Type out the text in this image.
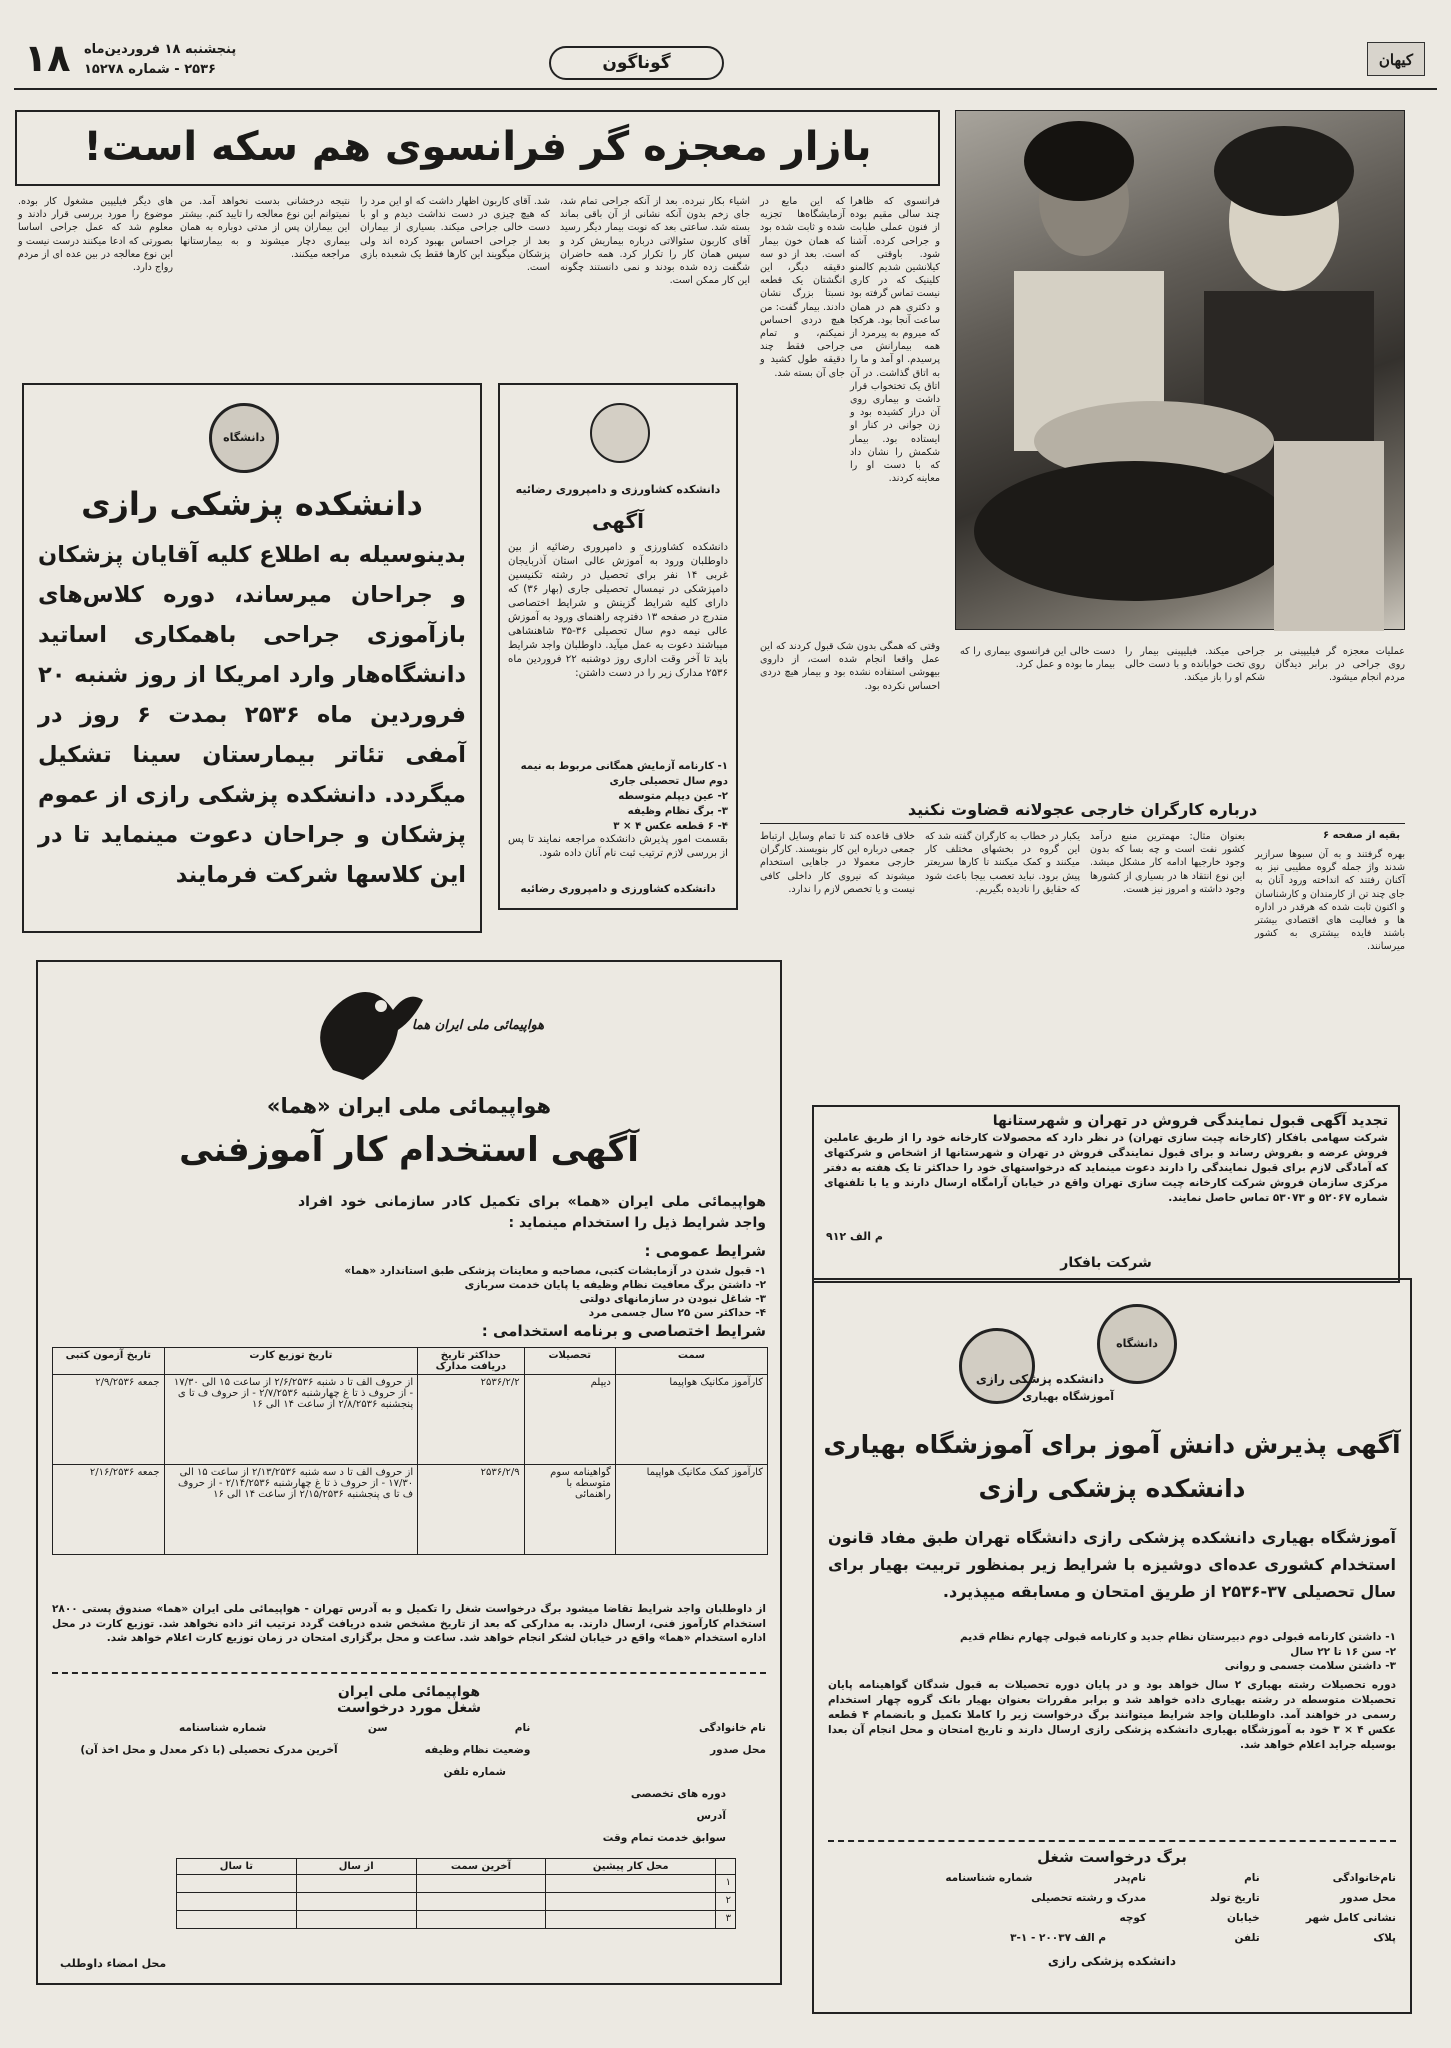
کیهان
گوناگون
۱۸ پنجشنبه ۱۸ فروردین‌ماه
۲۵۳۶ - شماره ۱۵۲۷۸
بازار معجزه گر فرانسوی هم سکه است!
عملیات معجزه گر فیلیپینی بر روی جراحی در برابر دیدگان مردم انجام میشود.
جراحی میکند. فیلیپینی بیمار را روی تخت خوابانده و با دست خالی شکم او را باز میکند.
دست خالی این فرانسوی بیماری را که بیمار ما بوده و عمل کرد.
فرانسوی که ظاهرا چند سالی مقیم بوده از فنون عملی طبابت و جراحی کرده. آشنا شود. باوقتی که کیلانشین شدیم کالمنو کلینیک که در کاری نیست تماس گرفته بود و دکتری هم در همان ساعت آنجا بود. هرکجا که میروم به پیرمرد از همه بیمارانش می پرسیدم. او آمد و ما را به اتاق گذاشت. در آن اتاق یک تختخواب قرار داشت و بیماری روی آن دراز کشیده بود و زن جوانی در کنار او ایستاده بود. بیمار شکمش را نشان داد که با دست او را معاینه کردند.
که این مایع در آزمایشگاه‌ها تجزیه شده و ثابت شده بود که همان خون بیمار است. بعد از دو سه دقیقه دیگر، این انگشتان یک قطعه نسبتا بزرگ نشان دادند. بیمار گفت: من هیچ دردی احساس نمیکنم، و تمام جراحی فقط چند دقیقه طول کشید و جای آن بسته شد.
اشیاء بکار نبرده. بعد از آنکه جراحی تمام شد، جای زخم بدون آنکه نشانی از آن باقی بماند بسته شد. ساعتی بعد که نوبت بیمار دیگر رسید آقای کاربون سئوالاتی درباره بیماریش کرد و سپس همان کار را تکرار کرد. همه حاضران شگفت زده شده بودند و نمی دانستند چگونه این کار ممکن است.
شد. آقای کاربون اظهار داشت که او این مرد را که هیچ چیزی در دست نداشت دیدم و او با دست خالی جراحی میکند. بسیاری از بیماران بعد از جراحی احساس بهبود کرده اند ولی پزشکان میگویند این کارها فقط یک شعبده بازی است.
نتیجه درخشانی بدست نخواهد آمد. من نمیتوانم این نوع معالجه را تایید کنم. بیشتر این بیماران پس از مدتی دوباره به همان بیماری دچار میشوند و به بیمارستانها مراجعه میکنند.
های دیگر فیلیپین مشغول کار بوده. موضوع را مورد بررسی قرار دادند و معلوم شد که عمل جراحی اساسا بصورتی که ادعا میکنند درست نیست و این نوع معالجه در بین عده ای از مردم رواج دارد.
وقتی که همگی بدون شک قبول کردند که این عمل واقعا انجام شده است، از داروی بیهوشی استفاده نشده بود و بیمار هیچ دردی احساس نکرده بود.
دانشگاه
دانشکده پزشکی رازی
بدینوسیله به اطلاع کلیه آقایان پزشکان و جراحان میرساند، دوره کلاس‌های بازآموزی جراحی باهمکاری اساتید دانشگاه‌هار وارد امریکا از روز شنبه ۲۰ فروردین ماه ۲۵۳۶ بمدت ۶ روز در آمفی تئاتر بیمارستان سینا تشکیل میگردد. دانشکده پزشکی رازی از عموم پزشکان و جراحان دعوت مینماید تا در این کلاسها شرکت فرمایند
دانشکده کشاورزی و دامپروری رضائیه
آگهی
دانشکده کشاورزی و دامپروری رضائیه از بین داوطلبان ورود به آموزش عالی استان آذربایجان غربی ۱۴ نفر برای تحصیل در رشته تکنیسین دامپزشکی در نیمسال تحصیلی جاری (بهار ۳۶) که دارای کلیه شرایط گزینش و شرایط اختصاصی مندرج در صفحه ۱۳ دفترچه راهنمای ورود به آموزش عالی نیمه دوم سال تحصیلی ۳۶-۳۵ شاهنشاهی میباشند دعوت به عمل میآید. داوطلبان واجد شرایط باید تا آخر وقت اداری روز دوشنبه ۲۲ فروردین ماه ۲۵۳۶ مدارک زیر را در دست داشتن:
۱- کارنامه آزمایش همگانی مربوط به نیمه دوم سال تحصیلی جاری
۲- عین دیپلم متوسطه
۳- برگ نظام وظیفه
۴- ۶ قطعه عکس ۴ × ۳
بقسمت امور پذیرش دانشکده مراجعه نمایند تا پس از بررسی لازم ترتیب ثبت نام آنان داده شود.
دانشکده کشاورزی و دامپروری رضائیه
درباره کارگران خارجی عجولانه قضاوت نکنید
بقیه از صفحه ۶
بهره گرفتند و به آن سبوها سرازیر شدند واژ جمله گروه مطیبی نیز به آکنان رفتند که انداخته ورود آنان به جای چند تن از کارمندان و کارشناسان و اکنون ثابت شده که هرقدر در اداره ها و فعالیت های اقتصادی بیشتر باشند فایده بیشتری به کشور میرسانند.
بعنوان مثال: مهمترین منبع درآمد کشور نفت است و چه بسا که بدون وجود خارجیها ادامه کار مشکل میشد. این نوع انتقاد ها در بسیاری از کشورها وجود داشته و امروز نیز هست.
یکبار در خطاب به کارگران گفته شد که این گروه در بخشهای مختلف کار میکنند و کمک میکنند تا کارها سریعتر پیش برود. نباید تعصب بیجا باعث شود که حقایق را نادیده بگیریم.
خلاف قاعده کند تا تمام وسایل ارتباط جمعی درباره این کار بنویسند. کارگران خارجی معمولا در جاهایی استخدام میشوند که نیروی کار داخلی کافی نیست و یا تخصص لازم را ندارد.
تجدید آگهی قبول نمایندگی فروش در تهران و شهرستانها
شرکت سهامی بافکار (کارخانه چیت سازی تهران) در نظر دارد که محصولات کارخانه خود را از طریق عاملین فروش عرضه و بفروش رساند و برای قبول نمایندگی فروش در تهران و شهرستانها از اشخاص و شرکتهای که آمادگی لازم برای قبول نمایندگی را دارند دعوت مینماید که درخواستهای خود را حداکثر تا یک هفته به دفتر مرکزی سازمان فروش شرکت کارخانه چیت سازی تهران واقع در خیابان آرامگاه ارسال دارند و یا با تلفنهای شماره ۵۲۰۶۷ و ۵۳۰۷۳ تماس حاصل نمایند.
م الف ۹۱۲
شرکت بافکار
هواپیمائی ملی ایران هما
هواپیمائی ملی ایران «هما»
آگهی استخدام کار آموزفنی
هواپیمائی ملی ایران «هما» برای تکمیل کادر سازمانی خود افراد واجد شرایط ذیل را استخدام مینماید :
شرایط عمومی :
۱- قبول شدن در آزمایشات کتبی، مصاحبه و معاینات پزشکی طبق استاندارد «هما»
۲- داشتن برگ معافیت نظام وظیفه یا پایان خدمت سربازی
۳- شاغل نبودن در سازمانهای دولتی
۴- حداکثر سن ۲۵ سال جسمی مرد
شرایط اختصاصی و برنامه استخدامی :
سمت	تحصیلات	حداکثر تاریخ دریافت مدارک	تاریخ توزیع کارت	تاریخ آزمون کتبی
کارآموز مکانیک هواپیما	دیپلم	۲۵۳۶/۲/۲	از حروف الف تا د شنبه ۲/۶/۲۵۳۶ از ساعت ۱۵ الی ۱۷/۳۰ - از حروف ذ تا غ چهارشنبه ۲/۷/۲۵۳۶ - از حروف ف تا ی پنجشنبه ۲/۸/۲۵۳۶ از ساعت ۱۴ الی ۱۶	جمعه ۲/۹/۲۵۳۶
کارآموز کمک مکانیک هواپیما	گواهینامه سوم متوسطه با راهنمائی	۲۵۳۶/۲/۹	از حروف الف تا د سه شنبه ۲/۱۳/۲۵۳۶ از ساعت ۱۵ الی ۱۷/۳۰ - از حروف ذ تا غ چهارشنبه ۲/۱۴/۲۵۳۶ - از حروف ف تا ی پنجشنبه ۲/۱۵/۲۵۳۶ از ساعت ۱۴ الی ۱۶	جمعه ۲/۱۶/۲۵۳۶
از داوطلبان واجد شرایط تقاضا میشود برگ درخواست شغل را تکمیل و به آدرس تهران - هواپیمائی ملی ایران «هما» صندوق پستی ۲۸۰۰ استخدام کارآموز فنی، ارسال دارند. به مدارکی که بعد از تاریخ مشخص شده دریافت گردد ترتیب اثر داده نخواهد شد. توزیع کارت در محل اداره استخدام «هما» واقع در خیابان لشکر انجام خواهد شد. ساعت و محل برگزاری امتحان در زمان توزیع کارت اعلام خواهد شد.
هواپیمائی ملی ایران
شغل مورد درخواست
نام خانوادگی
نام
سن
شماره شناسنامه
محل صدور
وضعیت نظام وظیفه
آخرین مدرک تحصیلی (با ذکر معدل و محل اخذ آن)
شماره تلفن
دوره های تخصصی
آدرس
سوابق خدمت تمام وقت
	محل کار پیشین	آخرین سمت	از سال	تا سال
۱				
۲				
۳				
محل امضاء داوطلب
دانشگاه
دانشکده پزشکی رازی
آموزشگاه بهیاری
آگهی پذیرش دانش آموز برای آموزشگاه بهیاری
دانشکده پزشکی رازی
آموزشگاه بهیاری دانشکده پزشکی رازی دانشگاه تهران طبق مفاد قانون استخدام کشوری عده‌ای دوشیزه با شرایط زیر بمنظور تربیت بهیار برای سال تحصیلی ۳۷-۲۵۳۶ از طریق امتحان و مسابقه میپذیرد.
۱- داشتن کارنامه قبولی دوم دبیرستان نظام جدید و کارنامه قبولی چهارم نظام قدیم
۲- سن ۱۶ تا ۲۲ سال
۳- داشتن سلامت جسمی و روانی
دوره تحصیلات رشته بهیاری ۲ سال خواهد بود و در پایان دوره تحصیلات به قبول شدگان گواهینامه پایان تحصیلات متوسطه در رشته بهیاری داده خواهد شد و برابر مقررات بعنوان بهیار بانک گروه چهار استخدام رسمی در خواهند آمد. داوطلبان واجد شرایط میتوانند برگ درخواست زیر را کاملا تکمیل و بانضمام ۴ قطعه عکس ۴ × ۳ خود به آموزشگاه بهیاری دانشکده پزشکی رازی ارسال دارند و تاریخ امتحان و محل انجام آن بعدا بوسیله جراید اعلام خواهد شد.
برگ درخواست شغل
نام‌خانوادگی
نام
نام‌پدر
شماره شناسنامه
محل صدور
تاریخ تولد
مدرک و رشته تحصیلی
نشانی کامل شهر
خیابان
کوچه
پلاک
تلفن
م الف ۲۰۰۳۷ - ۱-۳
دانشکده پزشکی رازی
